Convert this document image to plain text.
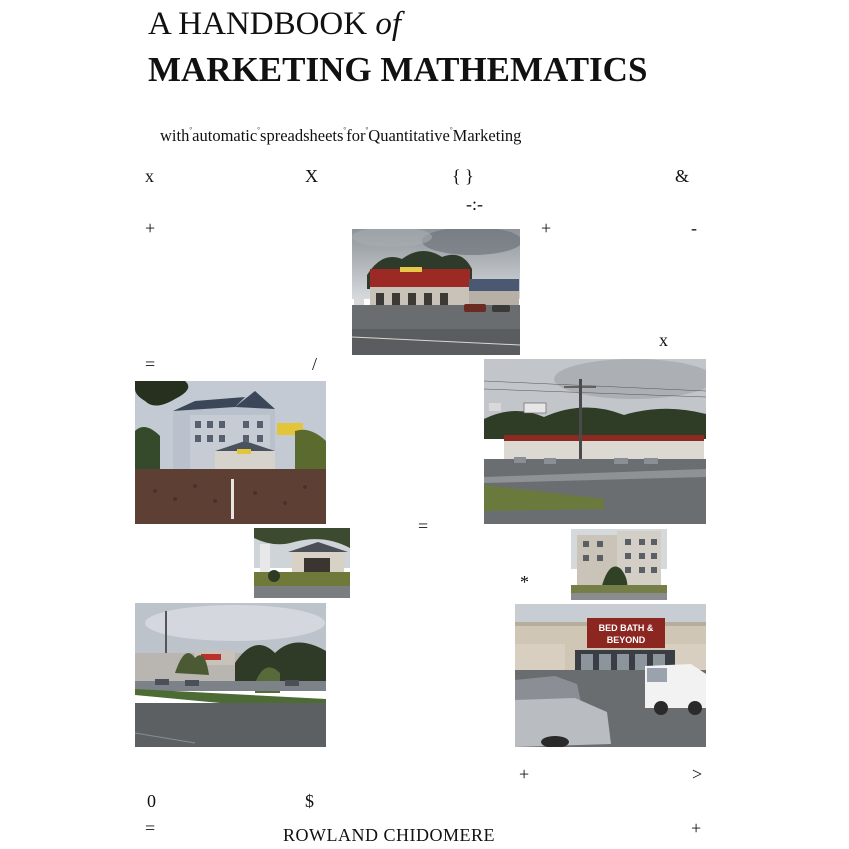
A HANDBOOK of
MARKETING MATHEMATICS
with°automatic°spreadsheets°for°Quantitative°Marketing
x	X	{ }	&
-:-
+	+	-
x
=	/
=
*
+	>
0	$
=	+
BED BATH &
BEYOND
ROWLAND CHIDOMERE
